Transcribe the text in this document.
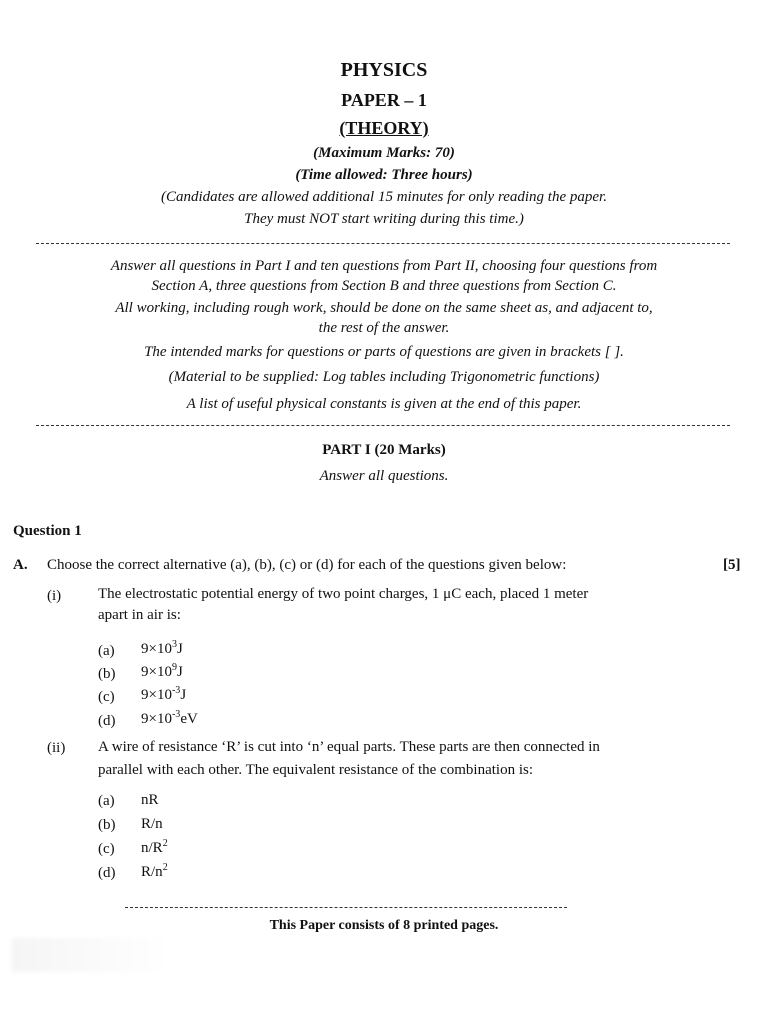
PHYSICS
PAPER – 1
(THEORY)
(Maximum Marks: 70)
(Time allowed: Three hours)
(Candidates are allowed additional 15 minutes for only reading the paper.
They must NOT start writing during this time.)
Answer all questions in Part I and ten questions from Part II, choosing four questions from
Section A, three questions from Section B and three questions from Section C.
All working, including rough work, should be done on the same sheet as, and adjacent to,
the rest of the answer.
The intended marks for questions or parts of questions are given in brackets [ ].
(Material to be supplied: Log tables including Trigonometric functions)
A list of useful physical constants is given at the end of this paper.
PART I (20 Marks)
Answer all questions.
Question 1
A. Choose the correct alternative (a), (b), (c) or (d) for each of the questions given below:	[5]
(i) The electrostatic potential energy of two point charges, 1 μC each, placed 1 meter
apart in air is:
(a) $9\times 10^3J$
(b) $9\times 10^9J$
(c) $9\times 10^{-3}J$
(d) $9\times 10^{-3}eV$
(ii) A wire of resistance ‘R’ is cut into ‘n’ equal parts. These parts are then connected in
parallel with each other. The equivalent resistance of the combination is:
(a) nR
(b) R/n
(c) $n/R^2$
(d) $R/n^2$
This Paper consists of 8 printed pages.
